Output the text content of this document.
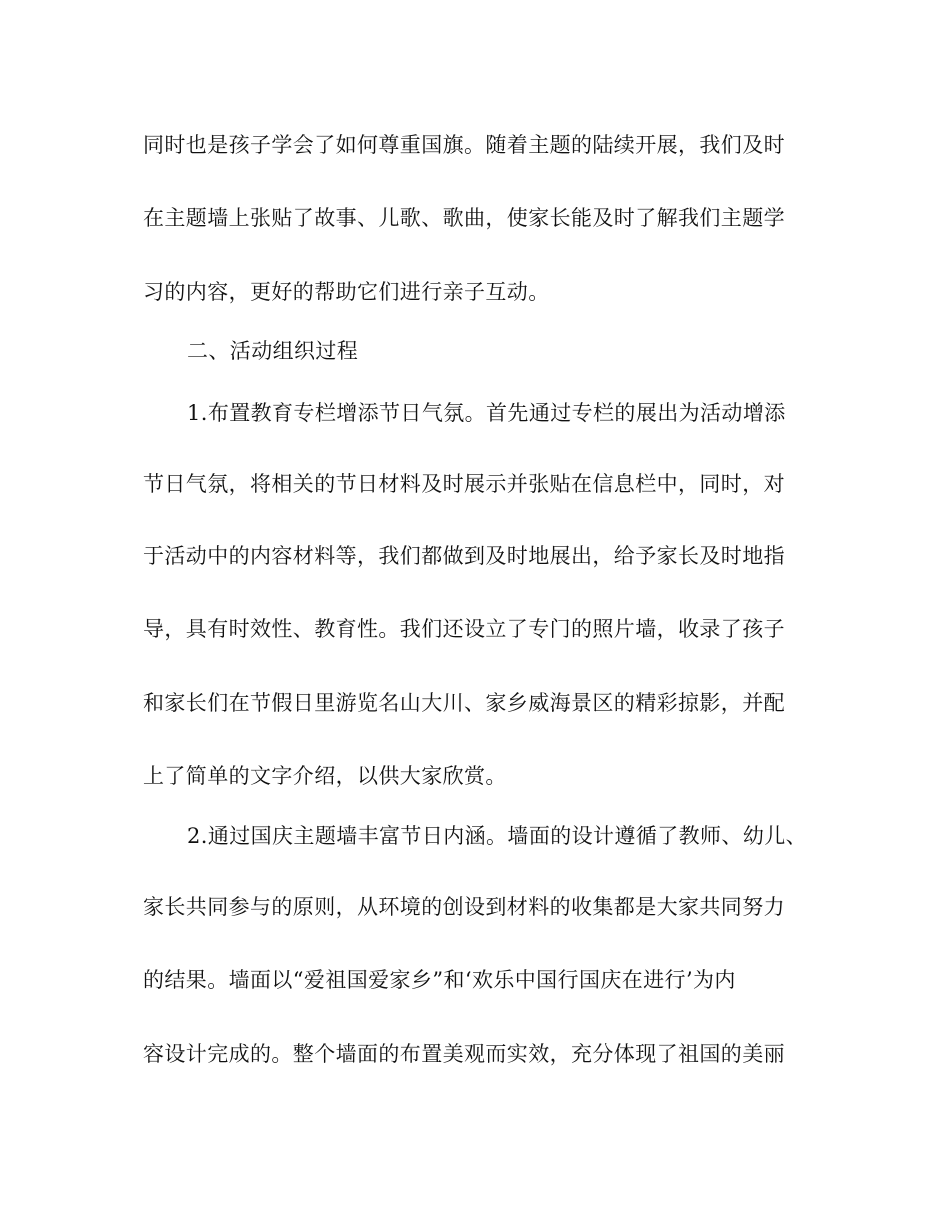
同时也是孩子学会了如何尊重国旗。随着主题的陆续开展，我们及时
在主题墙上张贴了故事、儿歌、歌曲，使家长能及时了解我们主题学
习的内容，更好的帮助它们进行亲子互动。
二、活动组织过程
1.布置教育专栏增添节日气氛。首先通过专栏的展出为活动增添
节日气氛，将相关的节日材料及时展示并张贴在信息栏中，同时，对
于活动中的内容材料等，我们都做到及时地展出，给予家长及时地指
导，具有时效性、教育性。我们还设立了专门的照片墙，收录了孩子
和家长们在节假日里游览名山大川、家乡威海景区的精彩掠影，并配
上了简单的文字介绍，以供大家欣赏。
2.通过国庆主题墙丰富节日内涵。墙面的设计遵循了教师、幼儿、
家长共同参与的原则，从环境的创设到材料的收集都是大家共同努力
的结果。墙面以“爱祖国爱家乡”和‘欢乐中国行国庆在进行’为内
容设计完成的。整个墙面的布置美观而实效，充分体现了祖国的美丽
